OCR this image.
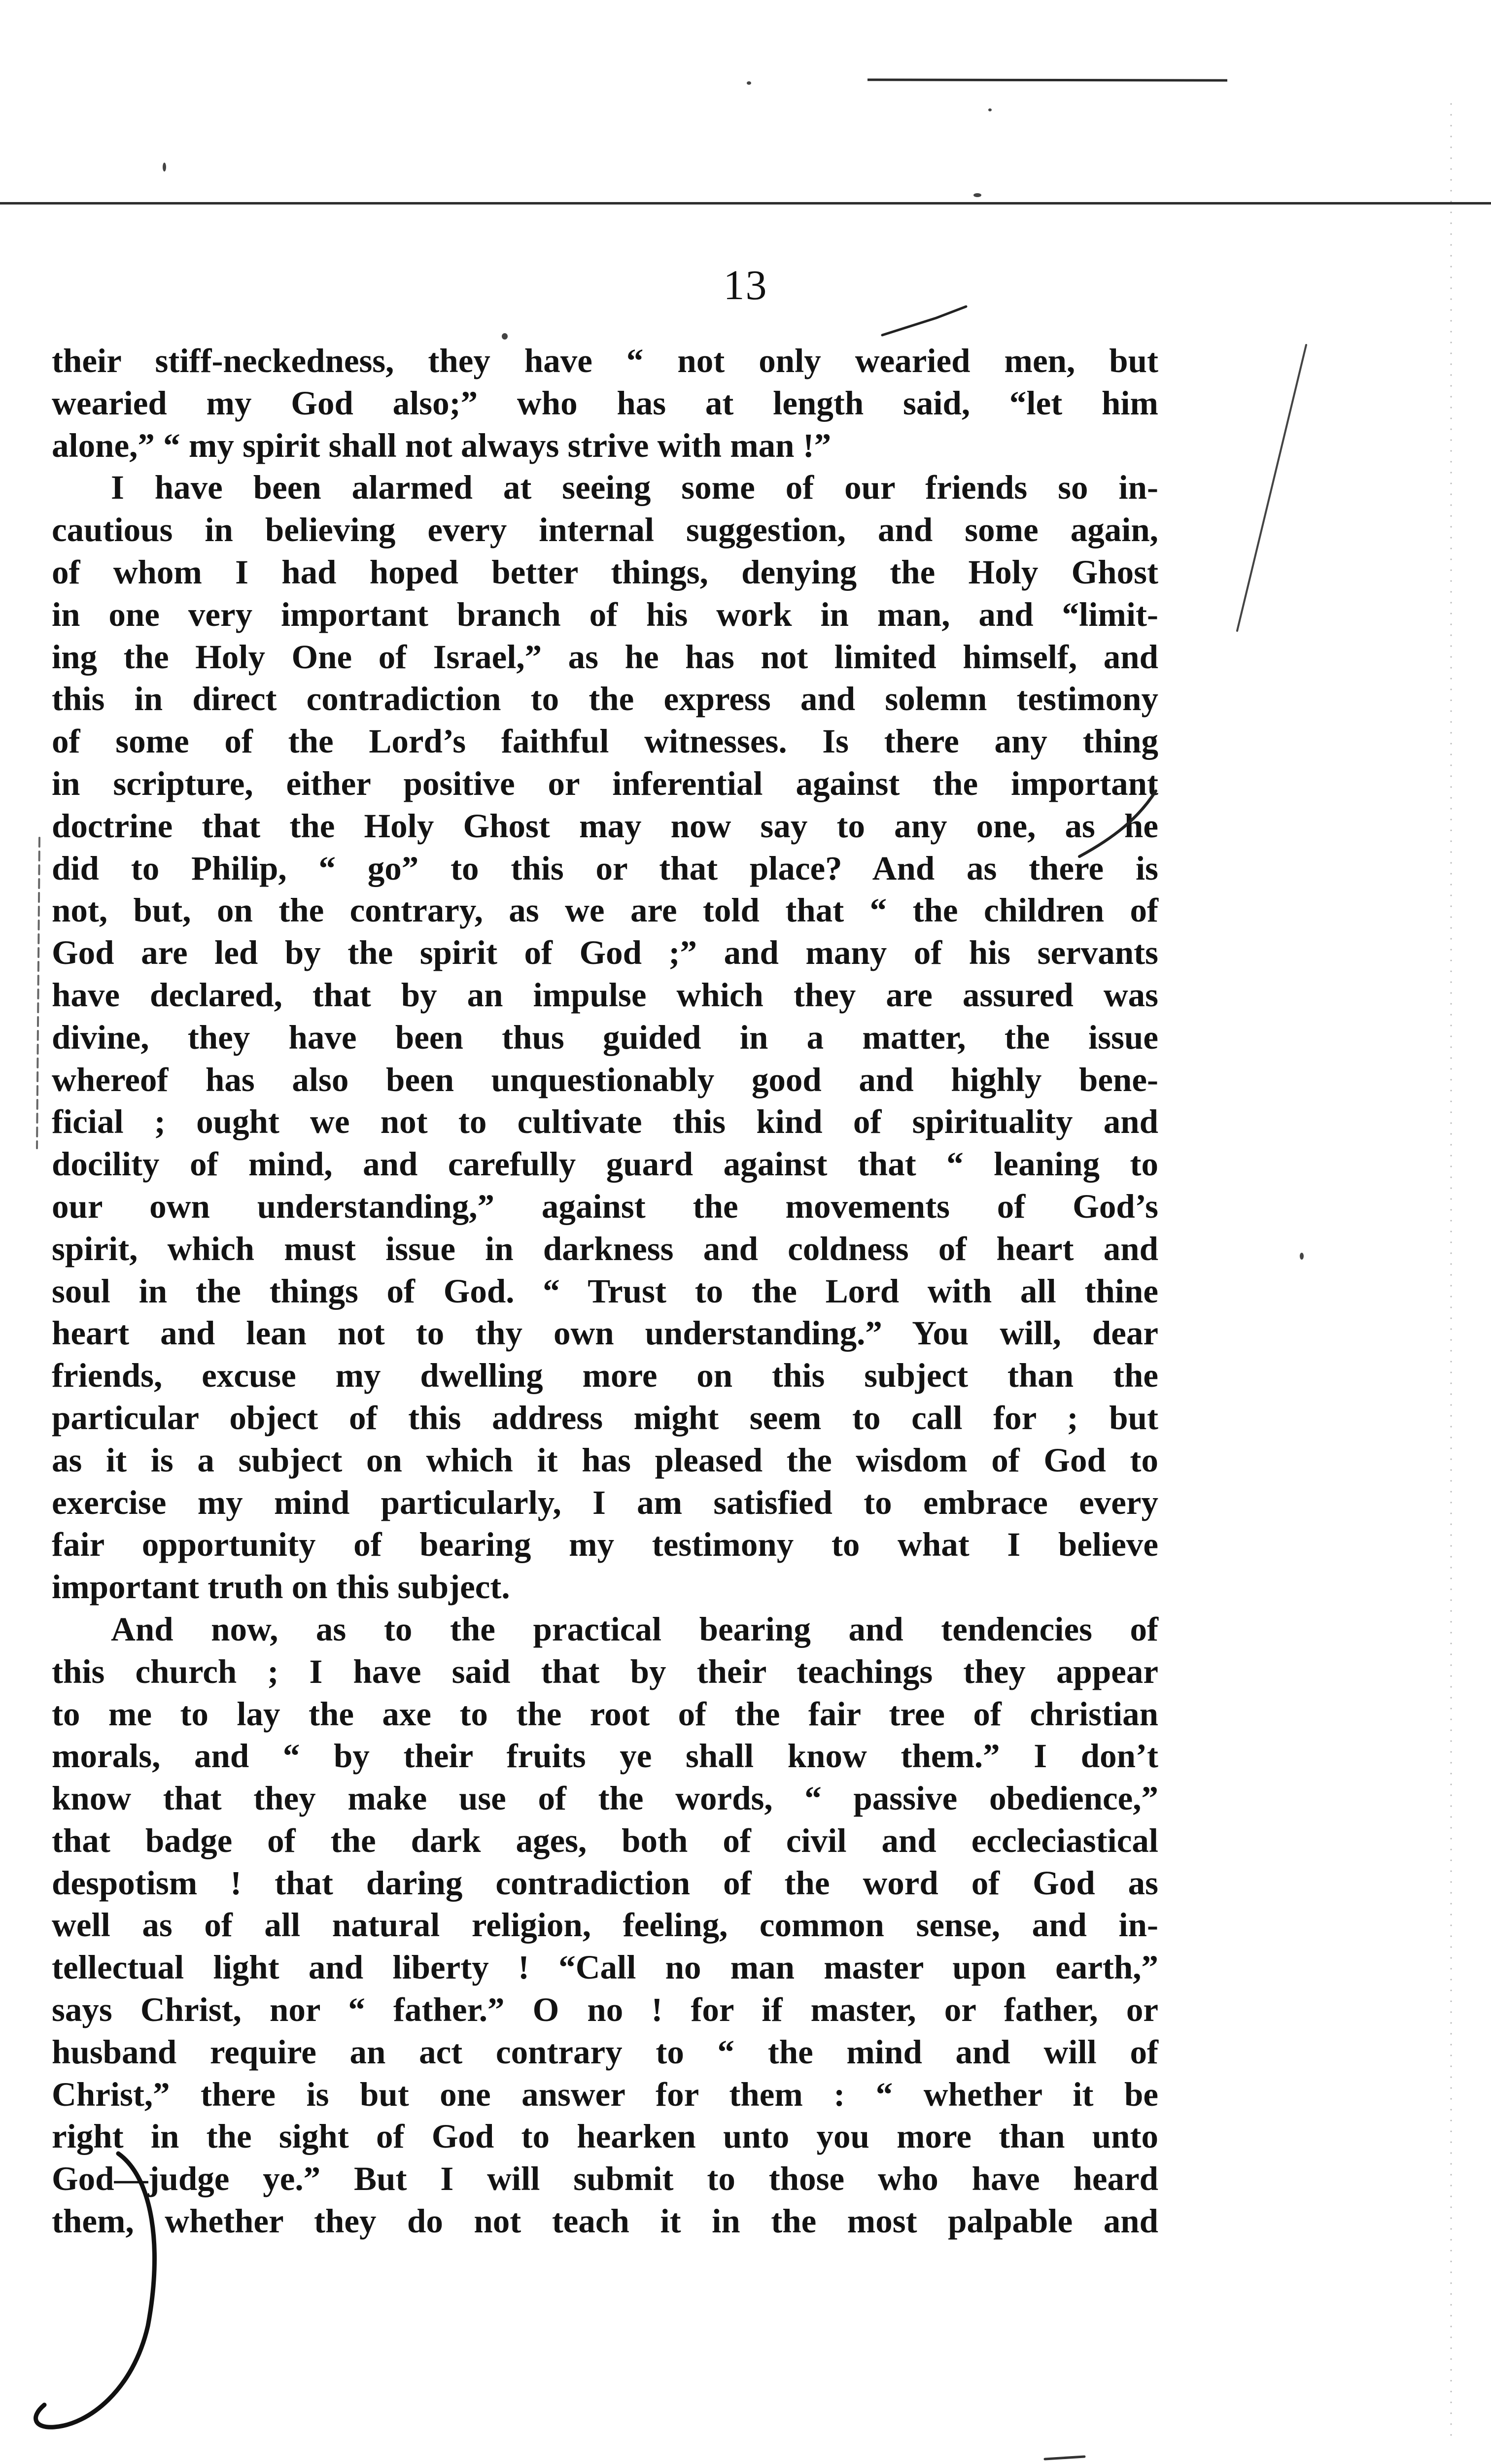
13
their stiff-neckedness, they have “ not only wearied men, but
wearied my God also;” who has at length said, “let him
alone,” “ my spirit shall not always strive with man !”
I have been alarmed at seeing some of our friends so in-
cautious in believing every internal suggestion, and some again,
of whom I had hoped better things, denying the Holy Ghost
in one very important branch of his work in man, and “limit-
ing the Holy One of Israel,” as he has not limited himself, and
this in direct contradiction to the express and solemn testimony
of some of the Lord’s faithful witnesses. Is there any thing
in scripture, either positive or inferential against the important
doctrine that the Holy Ghost may now say to any one, as he
did to Philip, “ go” to this or that place? And as there is
not, but, on the contrary, as we are told that “ the children of
God are led by the spirit of God ;” and many of his servants
have declared, that by an impulse which they are assured was
divine, they have been thus guided in a matter, the issue
whereof has also been unquestionably good and highly bene-
ficial ; ought we not to cultivate this kind of spirituality and
docility of mind, and carefully guard against that “ leaning to
our own understanding,” against the movements of God’s
spirit, which must issue in darkness and coldness of heart and
soul in the things of God. “ Trust to the Lord with all thine
heart and lean not to thy own understanding.” You will, dear
friends, excuse my dwelling more on this subject than the
particular object of this address might seem to call for ; but
as it is a subject on which it has pleased the wisdom of God to
exercise my mind particularly, I am satisfied to embrace every
fair opportunity of bearing my testimony to what I believe
important truth on this subject.
And now, as to the practical bearing and tendencies of
this church ; I have said that by their teachings they appear
to me to lay the axe to the root of the fair tree of christian
morals, and “ by their fruits ye shall know them.” I don’t
know that they make use of the words, “ passive obedience,”
that badge of the dark ages, both of civil and eccleciastical
despotism ! that daring contradiction of the word of God as
well as of all natural religion, feeling, common sense, and in-
tellectual light and liberty ! “Call no man master upon earth,”
says Christ, nor “ father.” O no ! for if master, or father, or
husband require an act contrary to “ the mind and will of
Christ,” there is but one answer for them : “ whether it be
right in the sight of God to hearken unto you more than unto
God—judge ye.” But I will submit to those who have heard
them, whether they do not teach it in the most palpable and
